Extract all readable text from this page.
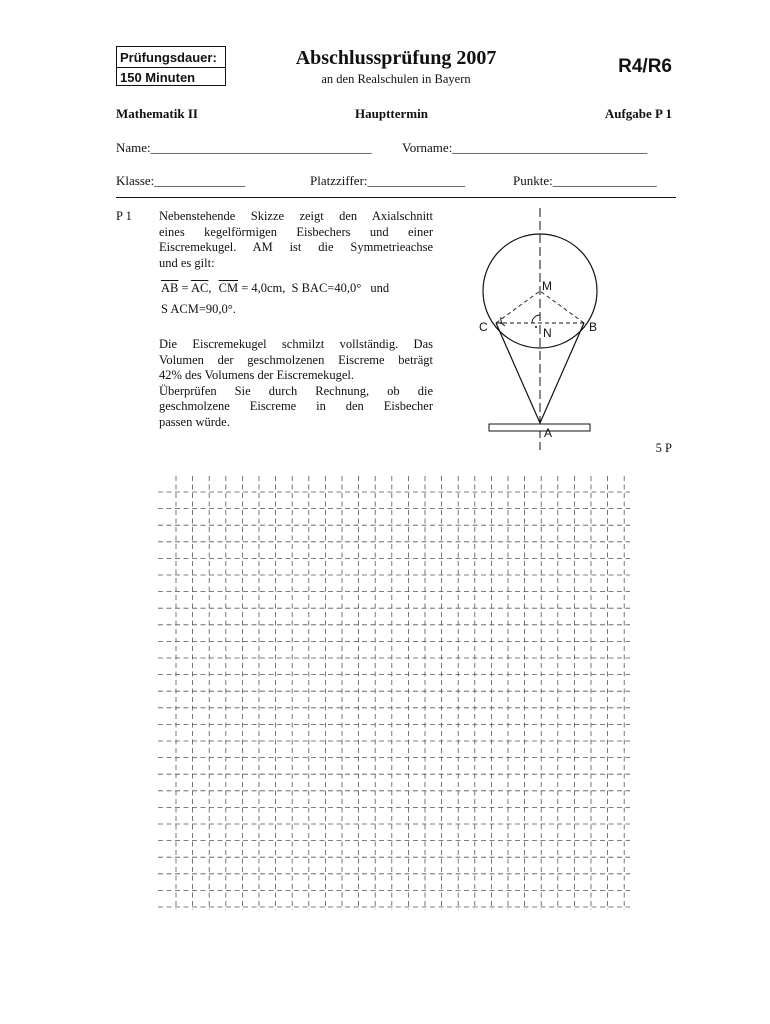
Prüfungsdauer:
150 Minuten
Abschlussprüfung 2007
an den Realschulen in Bayern
R4/R6
Mathematik II	Haupttermin	Aufgabe P 1
Name:__________________________________ Vorname:______________________________
Klasse:______________	Platzziffer:_______________	Punkte:________________
P 1 Nebenstehende Skizze zeigt den Axialschnitt
eines kegelförmigen Eisbechers und einer
Eiscremekugel. AM ist die Symmetrieachse
und es gilt:
$\overline{AB} = \overline{AC}$, $\overline{CM} = 4,0cm$, S BAC=40,0° und
S ACM=90,0°.
Die Eiscremekugel schmilzt vollständig. Das
Volumen der geschmolzenen Eiscreme beträgt
42% des Volumens der Eiscremekugel.
Überprüfen Sie durch Rechnung, ob die
geschmolzene Eiscreme in den Eisbecher
passen würde.
5 P
M
C	B
N
A
